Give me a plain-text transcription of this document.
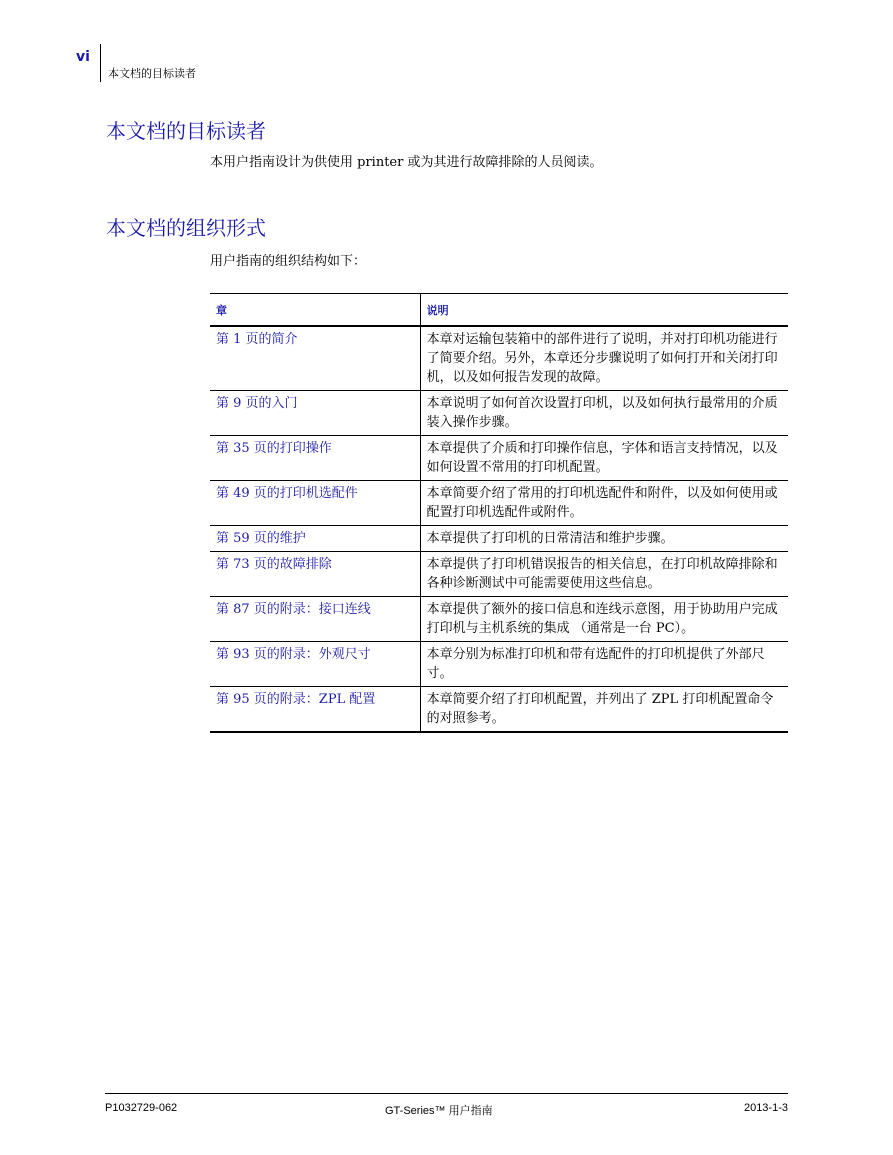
vi
本文档的目标读者
本文档的目标读者
本用户指南设计为供使用 printer 或为其进行故障排除的人员阅读。
本文档的组织形式
用户指南的组织结构如下：
章	说明
第 1 页的简介	本章对运输包装箱中的部件进行了说明，并对打印机功能进行了简要介绍。另外，本章还分步骤说明了如何打开和关闭打印机，以及如何报告发现的故障。
第 9 页的入门	本章说明了如何首次设置打印机，以及如何执行最常用的介质装入操作步骤。
第 35 页的打印操作	本章提供了介质和打印操作信息，字体和语言支持情况，以及如何设置不常用的打印机配置。
第 49 页的打印机选配件	本章简要介绍了常用的打印机选配件和附件，以及如何使用或配置打印机选配件或附件。
第 59 页的维护	本章提供了打印机的日常清洁和维护步骤。
第 73 页的故障排除	本章提供了打印机错误报告的相关信息，在打印机故障排除和各种诊断测试中可能需要使用这些信息。
第 87 页的附录：接口连线	本章提供了额外的接口信息和连线示意图，用于协助用户完成打印机与主机系统的集成 （通常是一台 PC）。
第 93 页的附录：外观尺寸	本章分别为标准打印机和带有选配件的打印机提供了外部尺寸。
第 95 页的附录：ZPL 配置	本章简要介绍了打印机配置，并列出了 ZPL 打印机配置命令的对照参考。
P1032729-062	GT-Series™ 用户指南	2013-1-3
